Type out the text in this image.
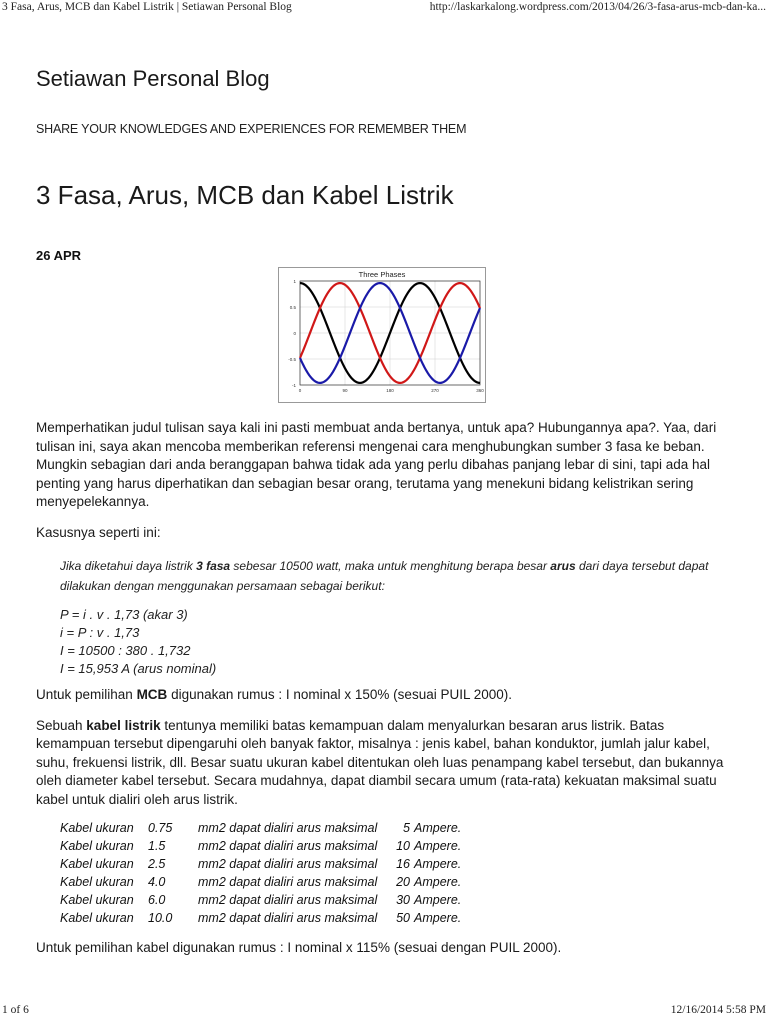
3 Fasa, Arus, MCB dan Kabel Listrik | Setiawan Personal Blog	http://laskarkalong.wordpress.com/2013/04/26/3-fasa-arus-mcb-dan-ka...
Setiawan Personal Blog
SHARE YOUR KNOWLEDGES AND EXPERIENCES FOR REMEMBER THEM
3 Fasa, Arus, MCB dan Kabel Listrik
26 APR
Three Phases
1
0.5
0
-0.5
-1
0	90	180	270	360

Memperhatikan judul tulisan saya kali ini pasti membuat anda bertanya, untuk apa? Hubungannya apa?. Yaa, dari tulisan ini, saya akan mencoba memberikan referensi mengenai cara menghubungkan sumber 3 fasa ke beban. Mungkin sebagian dari anda beranggapan bahwa tidak ada yang perlu dibahas panjang lebar di sini, tapi ada hal penting yang harus diperhatikan dan sebagian besar orang, terutama yang menekuni bidang kelistrikan sering menyepelekannya.

Kasusnya seperti ini:

Jika diketahui daya listrik 3 fasa sebesar 10500 watt, maka untuk menghitung berapa besar arus dari daya tersebut dapat dilakukan dengan menggunakan persamaan sebagai berikut:
P = i . v . 1,73 (akar 3)
i = P : v . 1,73
I = 10500 : 380 . 1,732
I = 15,953 A (arus nominal)

Untuk pemilihan MCB digunakan rumus : I nominal x 150% (sesuai PUIL 2000).

Sebuah kabel listrik tentunya memiliki batas kemampuan dalam menyalurkan besaran arus listrik. Batas kemampuan tersebut dipengaruhi oleh banyak faktor, misalnya : jenis kabel, bahan konduktor, jumlah jalur kabel, suhu, frekuensi listrik, dll. Besar suatu ukuran kabel ditentukan oleh luas penampang kabel tersebut, dan bukannya oleh diameter kabel tersebut. Secara mudahnya, dapat diambil secara umum (rata-rata) kekuatan maksimal suatu kabel untuk dialiri oleh arus listrik.

Kabel ukuran	0.75	mm2 dapat dialiri arus maksimal	5 Ampere.
Kabel ukuran	1.5	mm2 dapat dialiri arus maksimal	10 Ampere.
Kabel ukuran	2.5	mm2 dapat dialiri arus maksimal	16 Ampere.
Kabel ukuran	4.0	mm2 dapat dialiri arus maksimal	20 Ampere.
Kabel ukuran	6.0	mm2 dapat dialiri arus maksimal	30 Ampere.
Kabel ukuran	10.0	mm2 dapat dialiri arus maksimal	50 Ampere.

Untuk pemilihan kabel digunakan rumus : I nominal x 115% (sesuai dengan PUIL 2000).

1 of 6	12/16/2014 5:58 PM
